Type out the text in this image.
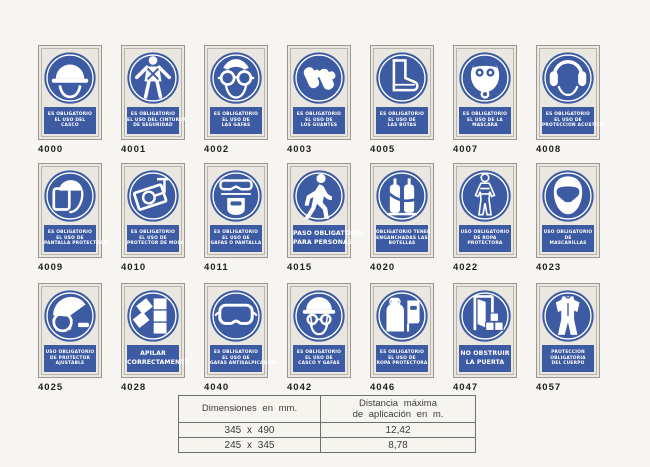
ES OBLIGATORIO
EL USO DEL
CASCO
4000
ES OBLIGATORIO
EL USO DEL CINTURON
DE SEGURIDAD
4001
ES OBLIGATORIO
EL USO DE
LAS GAFAS
4002
ES OBLIGATORIO
EL USO DE
LOS GUANTES
4003
ES OBLIGATORIO
EL USO DE
LAS BOTAS
4005
ES OBLIGATORIO
EL USO DE LA
MASCARA
4007
ES OBLIGATORIO
EL USO DE
PROTECCION ACUSTICA
4008
ES OBLIGATORIO
EL USO DE
PANTALLA PROTECTORA
4009
ES OBLIGATORIO
EL USO DE
PROTECTOR DE MOLA
4010
ES OBLIGATORIO
EL USO DE
GAFAS O PANTALLA
4011
PASO OBLIGATORIO
PARA PERSONAS
4015
OBLIGATORIO TENER
ENGANCHADAS LAS
BOTELLAS
4020
USO OBLIGATORIO
DE ROPA
PROTECTORA
4022
USO OBLIGATORIO
DE
MASCARILLAS
4023
USO OBLIGATORIO
DE PROTECTOR
AJUSTABLE
4025
APILAR
CORRECTAMENTE
4028
ES OBLIGATORIO
EL USO DE
GAFAS ANTISALPICADURA
4040
ES OBLIGATORIO
EL USO DE
CASCO Y GAFAS
4042
ES OBLIGATORIO
EL USO DE
ROPA PROTECTORA
4046
NO OBSTRUIR
LA PUERTA
4047
PROTECCION
OBLIGATORIA
DEL CUERPO
4057
Dimensiones en mm.	Distancia máxima
de aplicación en m.

345 x 490	12,42
245 x 345	8,78
